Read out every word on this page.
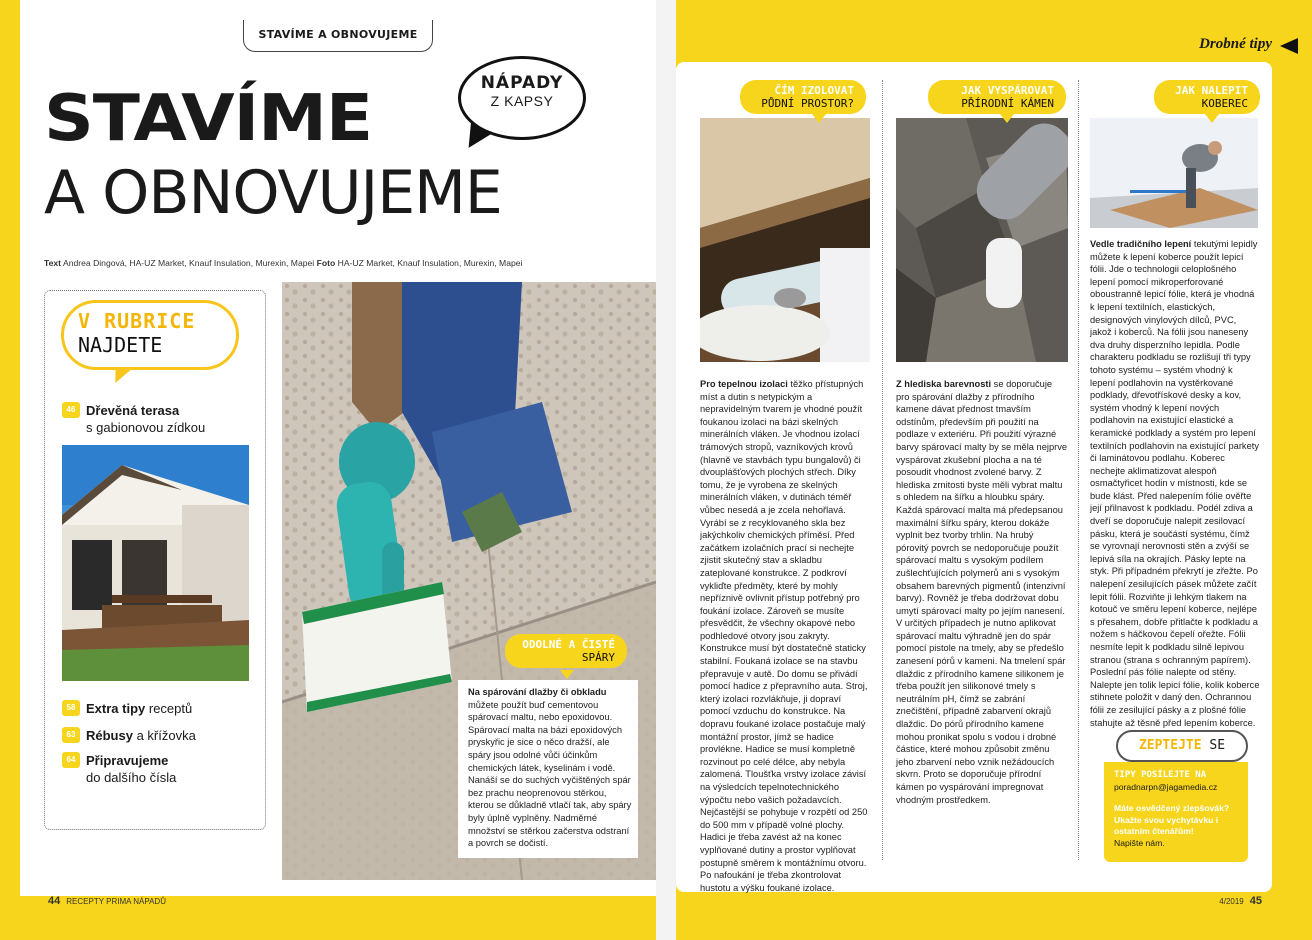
STAVÍME A OBNOVUJEME
STAVÍME
A OBNOVUJEME
NÁPADY
Z KAPSY
Text Andrea Dingová, HA-UZ Market, Knauf Insulation, Murexin, Mapei Foto HA-UZ Market, Knauf Insulation, Murexin, Mapei
V RUBRICE
NAJDETE
46 Dřevěná terasa
s gabionovou zídkou
58 Extra tipy receptů
63 Rébusy a křížovka
64 Připravujeme
do dalšího čísla
ODOLNÉ A ČISTÉ
SPÁRY
Na spárování dlažby či obkladu můžete použít buď cementovou spárovací maltu, nebo epoxidovou. Spárovací malta na bázi epoxidových pryskyřic je sice o něco dražší, ale spáry jsou odolné vůči účinkům chemických látek, kyselinám i vodě. Nanáší se do suchých vyčištěných spár bez prachu neoprenovou stěrkou, kterou se důkladně vtlačí tak, aby spáry byly úplně vyplněny. Nadměrné množství se stěrkou začerstva odstraní a povrch se dočistí.
44 RECEPTY PRIMA NÁPADŮ
Drobné tipy
ČÍM IZOLOVAT
PŮDNÍ PROSTOR?
Pro tepelnou izolaci těžko přístupných míst a dutin s netypickým a nepravidelným tvarem je vhodné použít foukanou izolaci na bázi skelných minerálních vláken. Je vhodnou izolací trámových stropů, vazníkových krovů (hlavně ve stavbách typu bungalovů) či dvouplášťových plochých střech. Díky tomu, že je vyrobena ze skelných minerálních vláken, v dutinách téměř vůbec nesedá a je zcela nehořlavá. Vyrábí se z recyklovaného skla bez jakýchkoliv chemických příměsí. Před začátkem izolačních prací si nechejte zjistit skutečný stav a skladbu zateplované konstrukce. Z podkroví vykliďte předměty, které by mohly nepříznivě ovlivnit přístup potřebný pro foukání izolace. Zároveň se musíte přesvědčit, že všechny okapové nebo podhledové otvory jsou zakryty. Konstrukce musí být dostatečně staticky stabilní. Foukaná izolace se na stavbu přepravuje v autě. Do domu se přivádí pomocí hadice z přepravního auta. Stroj, který izolaci rozvlákňuje, ji dopraví pomocí vzduchu do konstrukce. Na dopravu foukané izolace postačuje malý montážní prostor, jímž se hadice provlékne. Hadice se musí kompletně rozvinout po celé délce, aby nebyla zalomená. Tloušťka vrstvy izolace závisí na výsledcích tepelnotechnického výpočtu nebo vašich požadavcích. Nejčastější se pohybuje v rozpětí od 250 do 500 mm v případě volné plochy. Hadici je třeba zavést až na konec vyplňované dutiny a prostor vyplňovat postupně směrem k montážnímu otvoru. Po nafoukání je třeba zkontrolovat hustotu a výšku foukané izolace.
JAK VYSPÁROVAT
PŘÍRODNÍ KÁMEN
Z hlediska barevnosti se doporučuje pro spárování dlažby z přírodního kamene dávat přednost tmavším odstínům, především při použití na podlaze v exteriéru. Při použití výrazné barvy spárovací malty by se měla nejprve vyspárovat zkušební plocha a na té posoudit vhodnost zvolené barvy. Z hlediska zrnitosti byste měli vybrat maltu s ohledem na šířku a hloubku spáry. Každá spárovací malta má předepsanou maximální šířku spáry, kterou dokáže vyplnit bez tvorby trhlin. Na hrubý pórovitý povrch se nedoporučuje použít spárovací maltu s vysokým podílem zušlechťujících polymerů ani s vysokým obsahem barevných pigmentů (intenzivní barvy). Rovněž je třeba dodržovat dobu umytí spárovací malty po jejím nanesení. V určitých případech je nutno aplikovat spárovací maltu výhradně jen do spár pomocí pistole na tmely, aby se předešlo zanesení pórů v kameni. Na tmelení spár dlaždic z přírodního kamene silikonem je třeba použít jen silikonové tmely s neutrálním pH, čímž se zabrání znečištění, případně zabarvení okrajů dlaždic. Do pórů přírodního kamene mohou pronikat spolu s vodou i drobné částice, které mohou způsobit změnu jeho zbarvení nebo vznik nežádoucích skvrn. Proto se doporučuje přírodní kámen po vyspárování impregnovat vhodným prostředkem.
JAK NALEPIT
KOBEREC
Vedle tradičního lepení tekutými lepidly můžete k lepení koberce použít lepicí fólii. Jde o technologii celoplošného lepení pomocí mikroperforované oboustranně lepicí fólie, která je vhodná k lepení textilních, elastických, designových vinylových dílců, PVC, jakož i koberců. Na fólii jsou naneseny dva druhy disperzního lepidla. Podle charakteru podkladu se rozlišují tři typy tohoto systému – systém vhodný k lepení podlahovin na vystěrkované podklady, dřevotřískové desky a kov, systém vhodný k lepení nových podlahovin na existující elastické a keramické podklady a systém pro lepení textilních podlahovin na existující parkety či laminátovou podlahu. Koberec nechejte aklimatizovat alespoň osmačtyřicet hodin v místnosti, kde se bude klást. Před nalepením fólie ověřte její přilnavost k podkladu. Podél zdiva a dveří se doporučuje nalepit zesilovací pásku, která je součástí systému, čímž se vyrovnají nerovnosti stěn a zvýší se lepivá síla na okrajích. Pásky lepte na styk. Při případném překrytí je zřežte. Po nalepení zesilujících pásek můžete začít lepit fólii. Rozviňte ji lehkým tlakem na kotouč ve směru lepení koberce, nejlépe s přesahem, dobře přitlačte k podkladu a nožem s háčkovou čepelí ořežte. Fólii nesmíte lepit k podkladu silně lepivou stranou (strana s ochranným papírem). Poslední pás fólie nalepte od stěny. Nalepte jen tolik lepicí fólie, kolik koberce stihnete položit v daný den. Ochrannou fólii ze zesilující pásky a z plošné fólie stahujte až těsně před lepením koberce.
TIPY POSÍLEJTE NA
poradnarpn@jagamedia.cz
Máte osvědčený zlepšovák? Ukažte svou vychytávku i ostatním čtenářům!
Napište nám.
ZEPTEJTE SE
4/2019 45
